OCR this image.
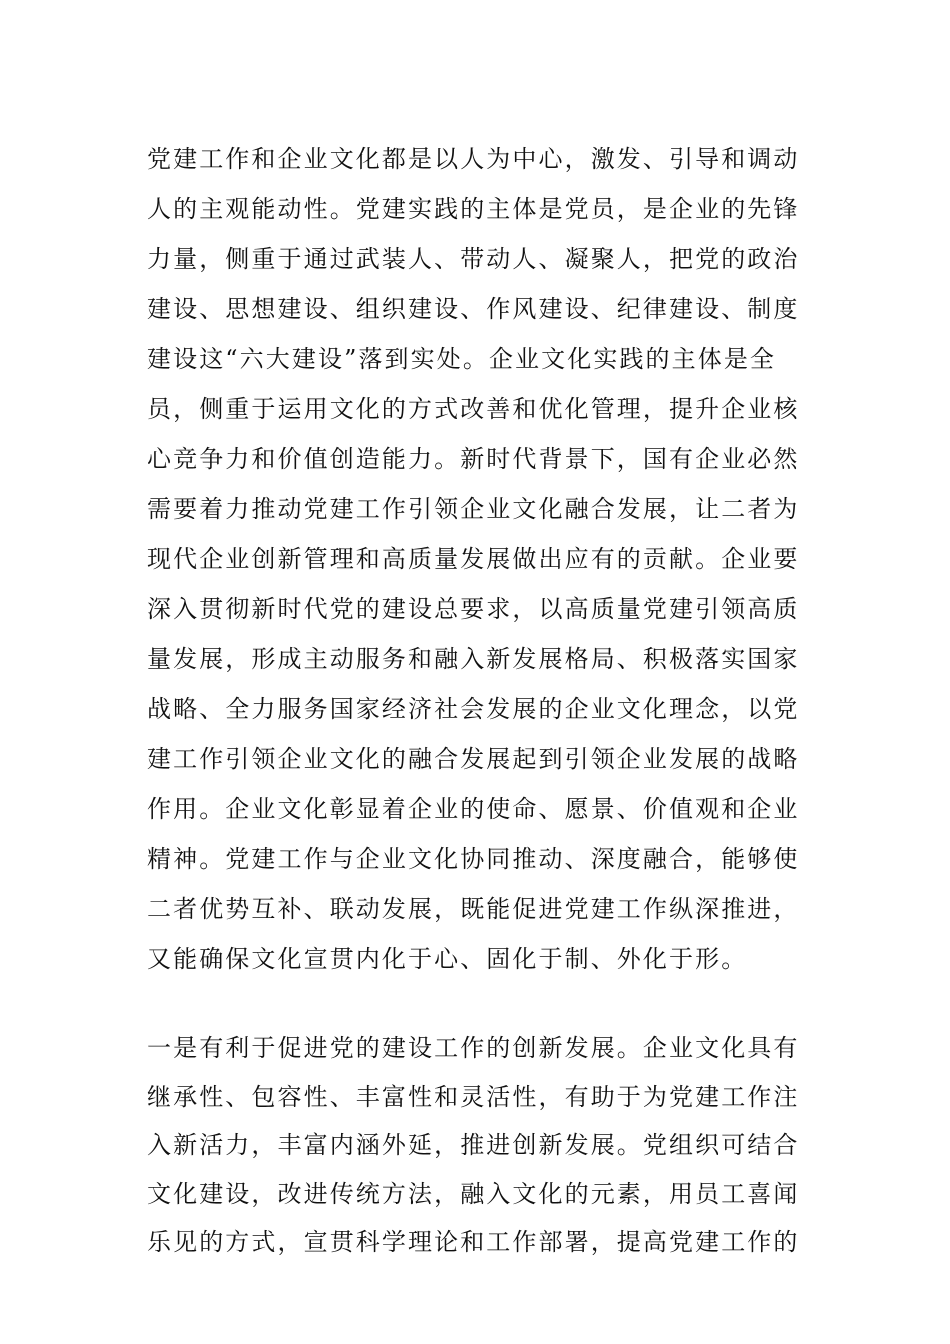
党建工作和企业文化都是以人为中心，激发、引导和调动
人的主观能动性。党建实践的主体是党员，是企业的先锋
力量，侧重于通过武装人、带动人、凝聚人，把党的政治
建设、思想建设、组织建设、作风建设、纪律建设、制度
建设这“六大建设”落到实处。企业文化实践的主体是全
员，侧重于运用文化的方式改善和优化管理，提升企业核
心竞争力和价值创造能力。新时代背景下，国有企业必然
需要着力推动党建工作引领企业文化融合发展，让二者为
现代企业创新管理和高质量发展做出应有的贡献。企业要
深入贯彻新时代党的建设总要求，以高质量党建引领高质
量发展，形成主动服务和融入新发展格局、积极落实国家
战略、全力服务国家经济社会发展的企业文化理念，以党
建工作引领企业文化的融合发展起到引领企业发展的战略
作用。企业文化彰显着企业的使命、愿景、价值观和企业
精神。党建工作与企业文化协同推动、深度融合，能够使
二者优势互补、联动发展，既能促进党建工作纵深推进，
又能确保文化宣贯内化于心、固化于制、外化于形。
一是有利于促进党的建设工作的创新发展。企业文化具有
继承性、包容性、丰富性和灵活性，有助于为党建工作注
入新活力，丰富内涵外延，推进创新发展。党组织可结合
文化建设，改进传统方法，融入文化的元素，用员工喜闻
乐见的方式，宣贯科学理论和工作部署，提高党建工作的
